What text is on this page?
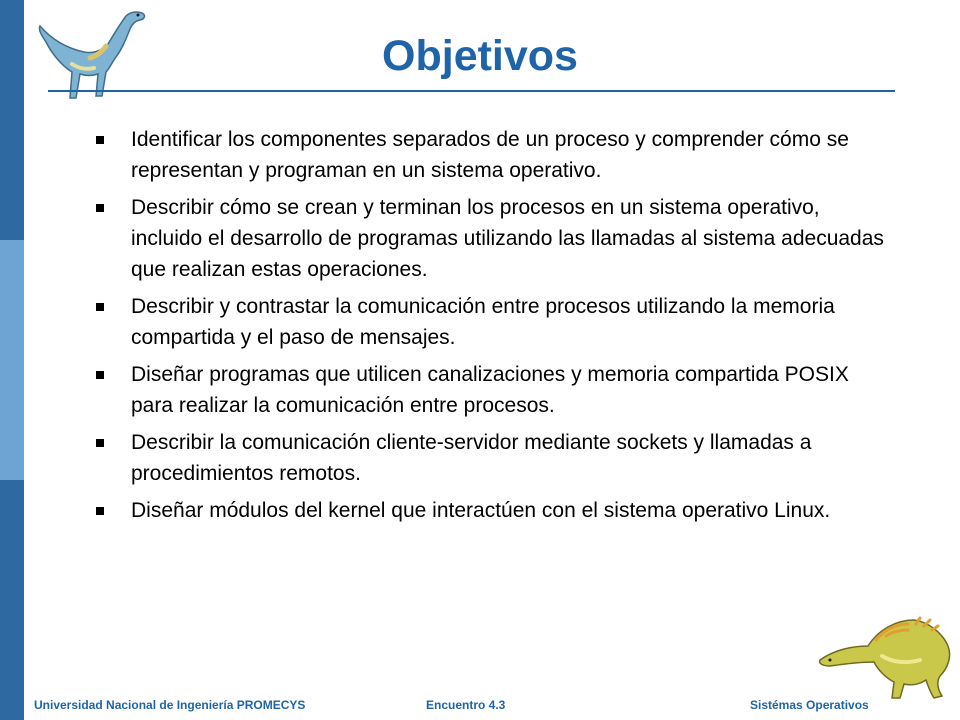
Objetivos
Identificar los componentes separados de un proceso y comprender cómo se representan y programan en un sistema operativo.
Describir cómo se crean y terminan los procesos en un sistema operativo, incluido el desarrollo de programas utilizando las llamadas al sistema adecuadas que realizan estas operaciones.
Describir y contrastar la comunicación entre procesos utilizando la memoria compartida y el paso de mensajes.
Diseñar programas que utilicen canalizaciones y memoria compartida POSIX para realizar la comunicación entre procesos.
Describir la comunicación cliente-servidor mediante sockets y llamadas a procedimientos remotos.
Diseñar módulos del kernel que interactúen con el sistema operativo Linux.

Universidad Nacional de Ingeniería PROMECYS	Encuentro 4.3	Sistémas Operativos
